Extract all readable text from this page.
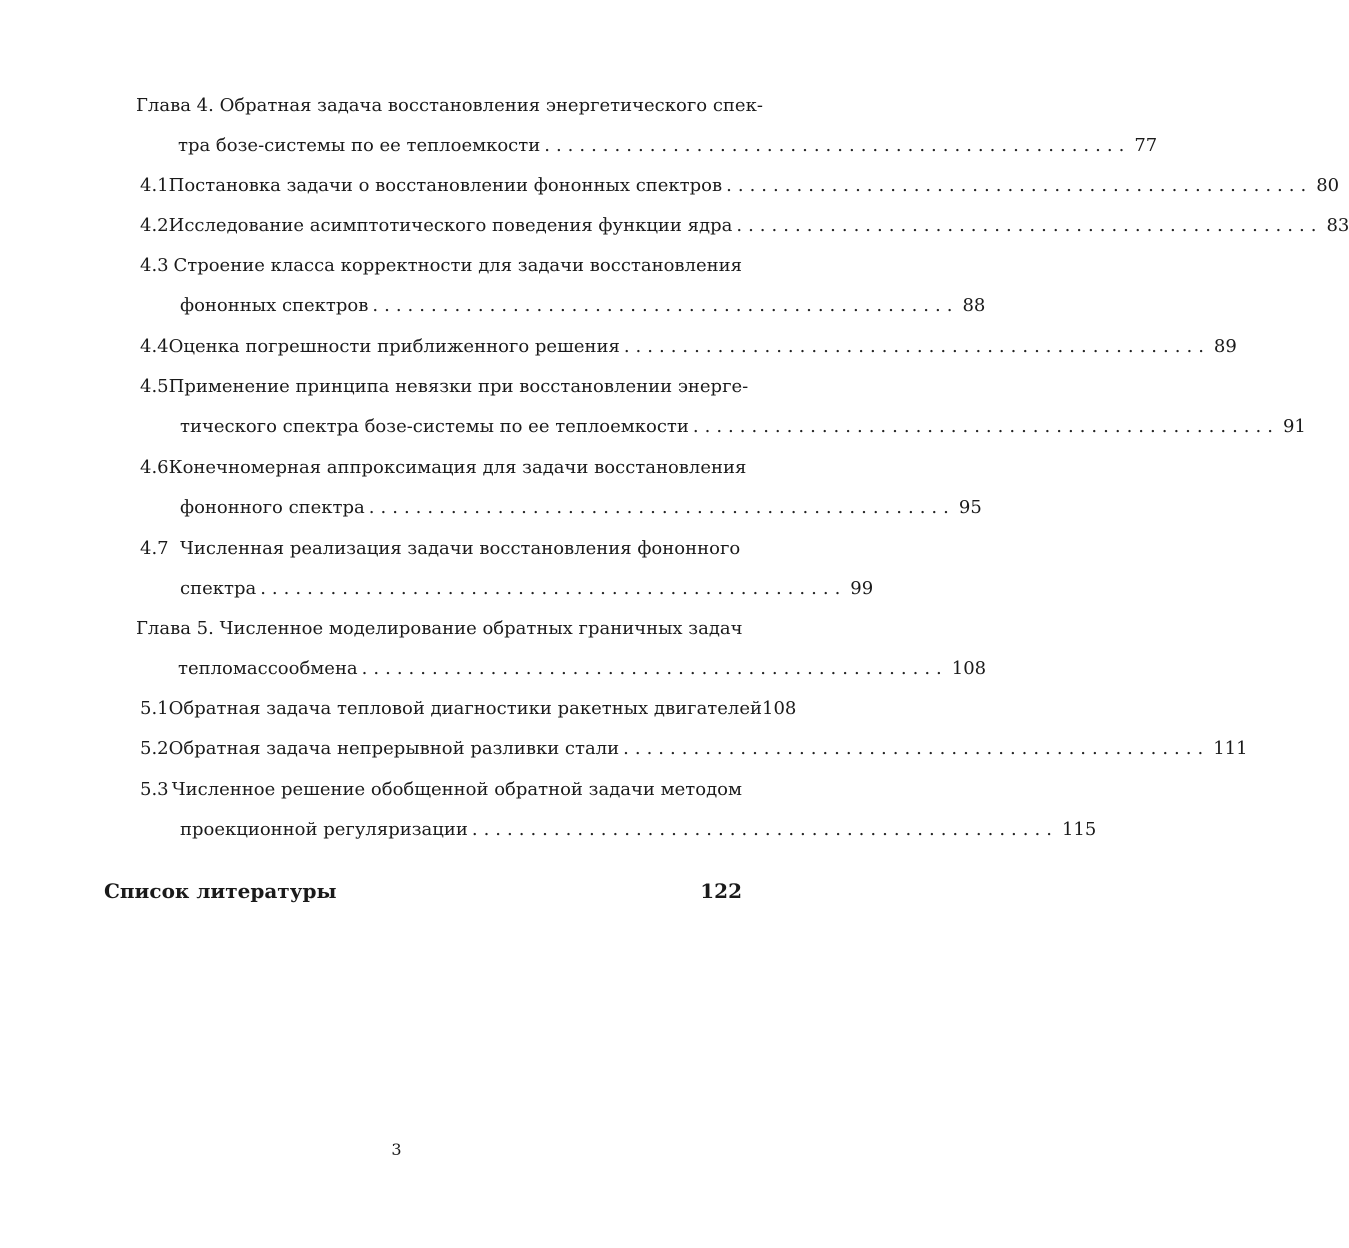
Глава 4. Обратная задача восстановления энергетического спек-
тра бозе-системы по ее теплоемкости .................................................. 77
4.1 Постановка задачи о восстановлении фононных спектров .................................................. 80
4.2 Исследование асимптотического поведения функции ядра .................................................. 83
4.3 Строение класса корректности для задачи восстановления
фононных спектров .................................................. 88
4.4 Оценка погрешности приближенного решения .................................................. 89
4.5 Применение принципа невязки при восстановлении энерге-
тического спектра бозе-системы по ее теплоемкости .................................................. 91
4.6 Конечномерная аппроксимация для задачи восстановления
фононного спектра .................................................. 95
4.7 Численная реализация задачи восстановления фононного
спектра .................................................. 99
Глава 5. Численное моделирование обратных граничных задач
тепломассообмена .................................................. 108
5.1 Обратная задача тепловой диагностики ракетных двигателей 108
5.2 Обратная задача непрерывной разливки стали .................................................. 111
5.3 Численное решение обобщенной обратной задачи методом
проекционной регуляризации .................................................. 115
Список литературы	122
3
